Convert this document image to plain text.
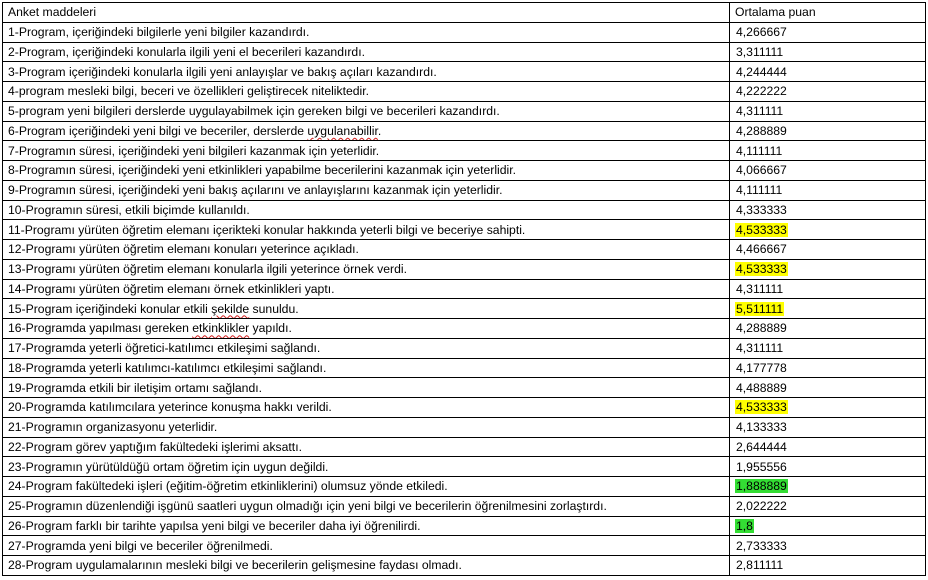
Anket maddeleri	Ortalama puan
1-Program, içeriğindeki bilgilerle yeni bilgiler kazandırdı.	4,266667
2-Program, içeriğindeki konularla ilgili yeni el becerileri kazandırdı.	3,311111
3-Program içeriğindeki konularla ilgili yeni anlayışlar ve bakış açıları kazandırdı.	4,244444
4-program mesleki bilgi, beceri ve özellikleri geliştirecek niteliktedir.	4,222222
5-program yeni bilgileri derslerde uygulayabilmek için gereken bilgi ve becerileri kazandırdı.	4,311111
6-Program içeriğindeki yeni bilgi ve beceriler, derslerde uygulanabillir.	4,288889
7-Programın süresi, içeriğindeki yeni bilgileri kazanmak için yeterlidir.	4,111111
8-Programın süresi, içeriğindeki yeni etkinlikleri yapabilme becerilerini kazanmak için yeterlidir.	4,066667
9-Programın süresi, içeriğindeki yeni bakış açılarını ve anlayışlarını kazanmak için yeterlidir.	4,111111
10-Programın süresi, etkili biçimde kullanıldı.	4,333333
11-Programı yürüten öğretim elemanı içerikteki konular hakkında yeterli bilgi ve beceriye sahipti.	4,533333
12-Programı yürüten öğretim elemanı konuları yeterince açıkladı.	4,466667
13-Programı yürüten öğretim elemanı konularla ilgili yeterince örnek verdi.	4,533333
14-Programı yürüten öğretim elemanı örnek etkinlikleri yaptı.	4,311111
15-Program içeriğindeki konular etkili şekilde sunuldu.	5,511111
16-Programda yapılması gereken etkinklikler yapıldı.	4,288889
17-Programda yeterli öğretici-katılımcı etkileşimi sağlandı.	4,311111
18-Programda yeterli katılımcı-katılımcı etkileşimi sağlandı.	4,177778
19-Programda etkili bir iletişim ortamı sağlandı.	4,488889
20-Programda katılımcılara yeterince konuşma hakkı verildi.	4,533333
21-Programın organizasyonu yeterlidir.	4,133333
22-Program görev yaptığım fakültedeki işlerimi aksattı.	2,644444
23-Programın yürütüldüğü ortam öğretim için uygun değildi.	1,955556
24-Program fakültedeki işleri (eğitim-öğretim etkinliklerini) olumsuz yönde etkiledi.	1,888889
25-Programın düzenlendiği işgünü saatleri uygun olmadığı için yeni bilgi ve becerilerin öğrenilmesini zorlaştırdı.	2,022222
26-Program farklı bir tarihte yapılsa yeni bilgi ve beceriler daha iyi öğrenilirdi.	1,8
27-Programda yeni bilgi ve beceriler öğrenilmedi.	2,733333
28-Program uygulamalarının mesleki bilgi ve becerilerin gelişmesine faydası olmadı.	2,811111
